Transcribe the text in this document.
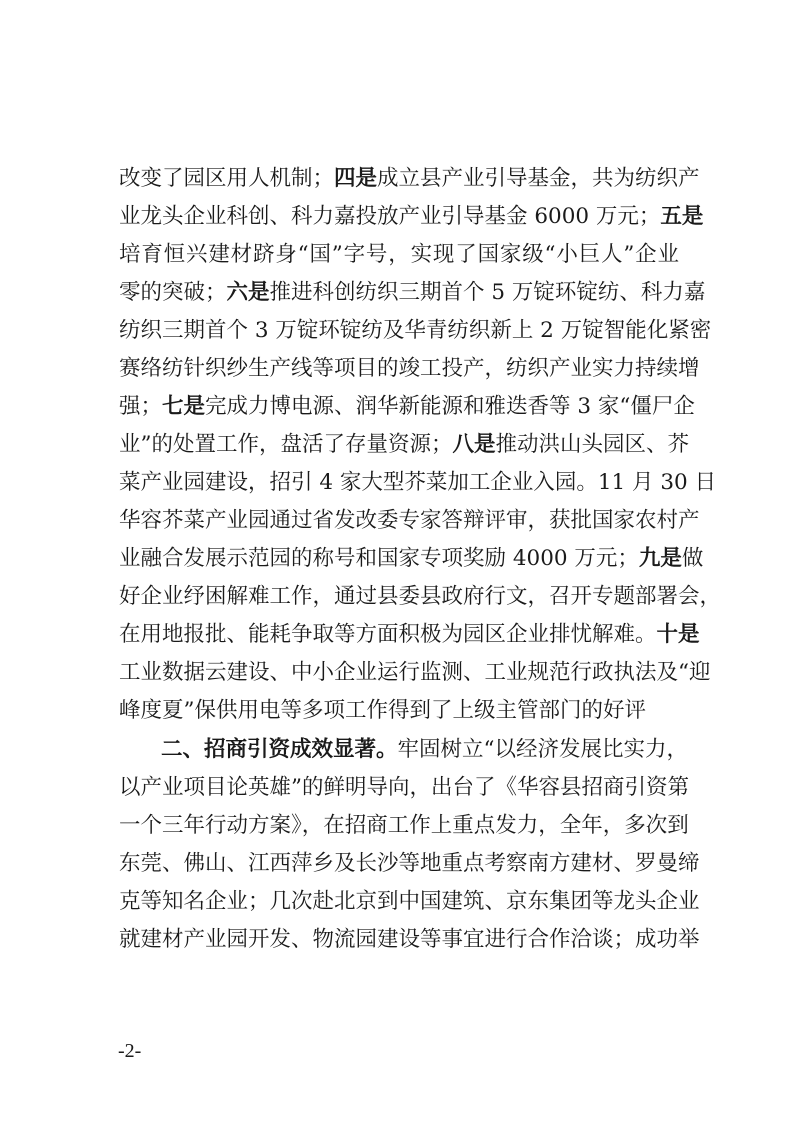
改变了园区用人机制；四是成立县产业引导基金，共为纺织产
业龙头企业科创、科力嘉投放产业引导基金 6000 万元；五是
培育恒兴建材跻身“国”字号，实现了国家级“小巨人”企业
零的突破；六是推进科创纺织三期首个 5 万锭环锭纺、科力嘉
纺织三期首个 3 万锭环锭纺及华青纺织新上 2 万锭智能化紧密
赛络纺针织纱生产线等项目的竣工投产，纺织产业实力持续增
强；七是完成力博电源、润华新能源和雅迭香等 3 家“僵尸企
业”的处置工作，盘活了存量资源；八是推动洪山头园区、芥
菜产业园建设，招引 4 家大型芥菜加工企业入园。11 月 30 日
华容芥菜产业园通过省发改委专家答辩评审，获批国家农村产
业融合发展示范园的称号和国家专项奖励 4000 万元；九是做
好企业纾困解难工作，通过县委县政府行文，召开专题部署会，
在用地报批、能耗争取等方面积极为园区企业排忧解难。十是
工业数据云建设、中小企业运行监测、工业规范行政执法及“迎
峰度夏”保供用电等多项工作得到了上级主管部门的好评
二、招商引资成效显著。牢固树立“以经济发展比实力，
以产业项目论英雄”的鲜明导向，出台了《华容县招商引资第
一个三年行动方案》，在招商工作上重点发力，全年，多次到
东莞、佛山、江西萍乡及长沙等地重点考察南方建材、罗曼缔
克等知名企业；几次赴北京到中国建筑、京东集团等龙头企业
就建材产业园开发、物流园建设等事宜进行合作洽谈；成功举
-2-
